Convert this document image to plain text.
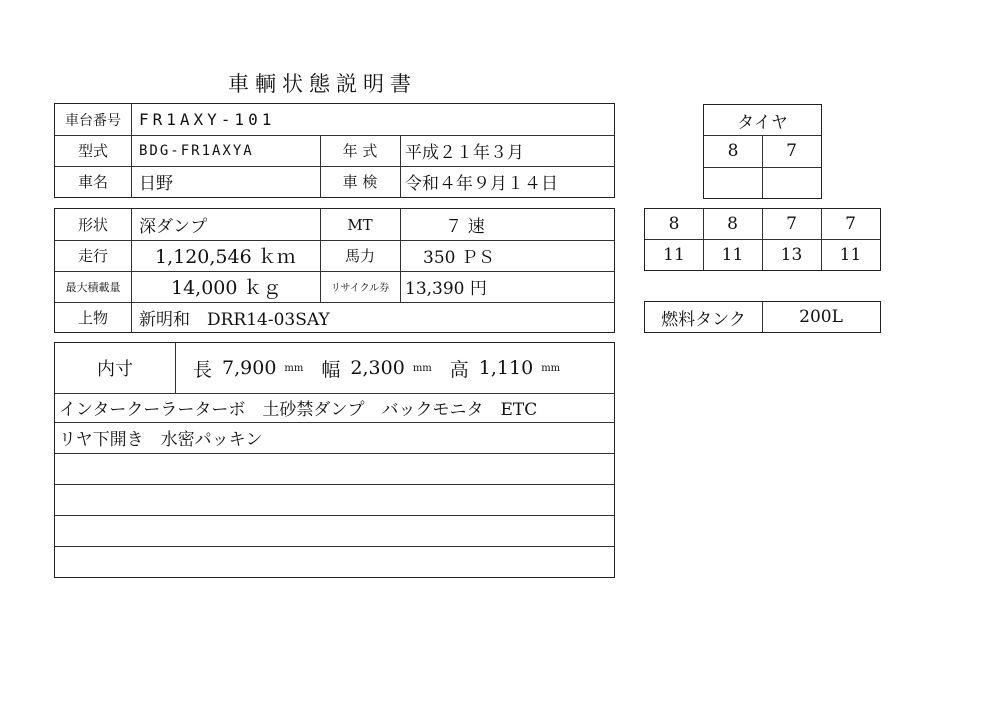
車輌状態説明書
車台番号	FR1AXY-101
型式	BDG-FR1AXYA	年 式	平成２１年３月
車名	日野	車 検	令和４年９月１４日
形状	深ダンプ	MT	７ 速
走行	1,120,546 ｋｍ	馬力	350 ＰＳ
最大積載量	14,000 ｋｇ	リサイクル券 13,390 円
上物	新明和　DRR14-03SAY
内寸	長 7,900 mm 幅 2,300 mm 高 1,110 mm
インタークーラーターボ　土砂禁ダンプ　バックモニタ　ETC
リヤ下開き　水密パッキン
タイヤ
8	7
8	8	7	7
11	11	13	11
燃料タンク	200L
